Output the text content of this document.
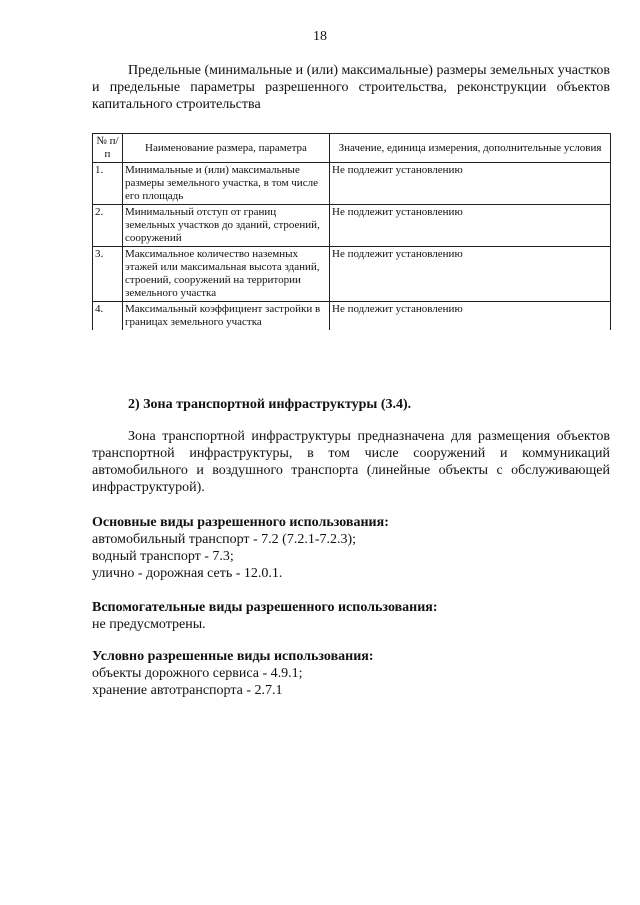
18

Предельные (минимальные и (или) максимальные) размеры земельных участков и предельные параметры разрешенного строительства, реконструкции объектов капитального строительства

№ п/п	Наименование размера, параметра	Значение, единица измерения, дополнительные условия
1.	Минимальные и (или) максимальные размеры земельного участка, в том числе его площадь	Не подлежит установлению
2.	Минимальный отступ от границ земельных участков до зданий, строений, сооружений	Не подлежит установлению
3.	Максимальное количество наземных этажей или максимальная высота зданий, строений, сооружений на территории земельного участка	Не подлежит установлению
4.	Максимальный коэффициент застройки в границах земельного участка	Не подлежит установлению

2) Зона транспортной инфраструктуры (3.4).

Зона транспортной инфраструктуры предназначена для размещения объектов транспортной инфраструктуры, в том числе сооружений и коммуникаций автомобильного и воздушного транспорта (линейные объекты с обслуживающей инфраструктурой).

Основные виды разрешенного использования:
автомобильный транспорт - 7.2 (7.2.1-7.2.3);
водный транспорт - 7.3;
улично - дорожная сеть - 12.0.1.
Вспомогательные виды разрешенного использования:
не предусмотрены.
Условно разрешенные виды использования:
объекты дорожного сервиса - 4.9.1;
хранение автотранспорта - 2.7.1
